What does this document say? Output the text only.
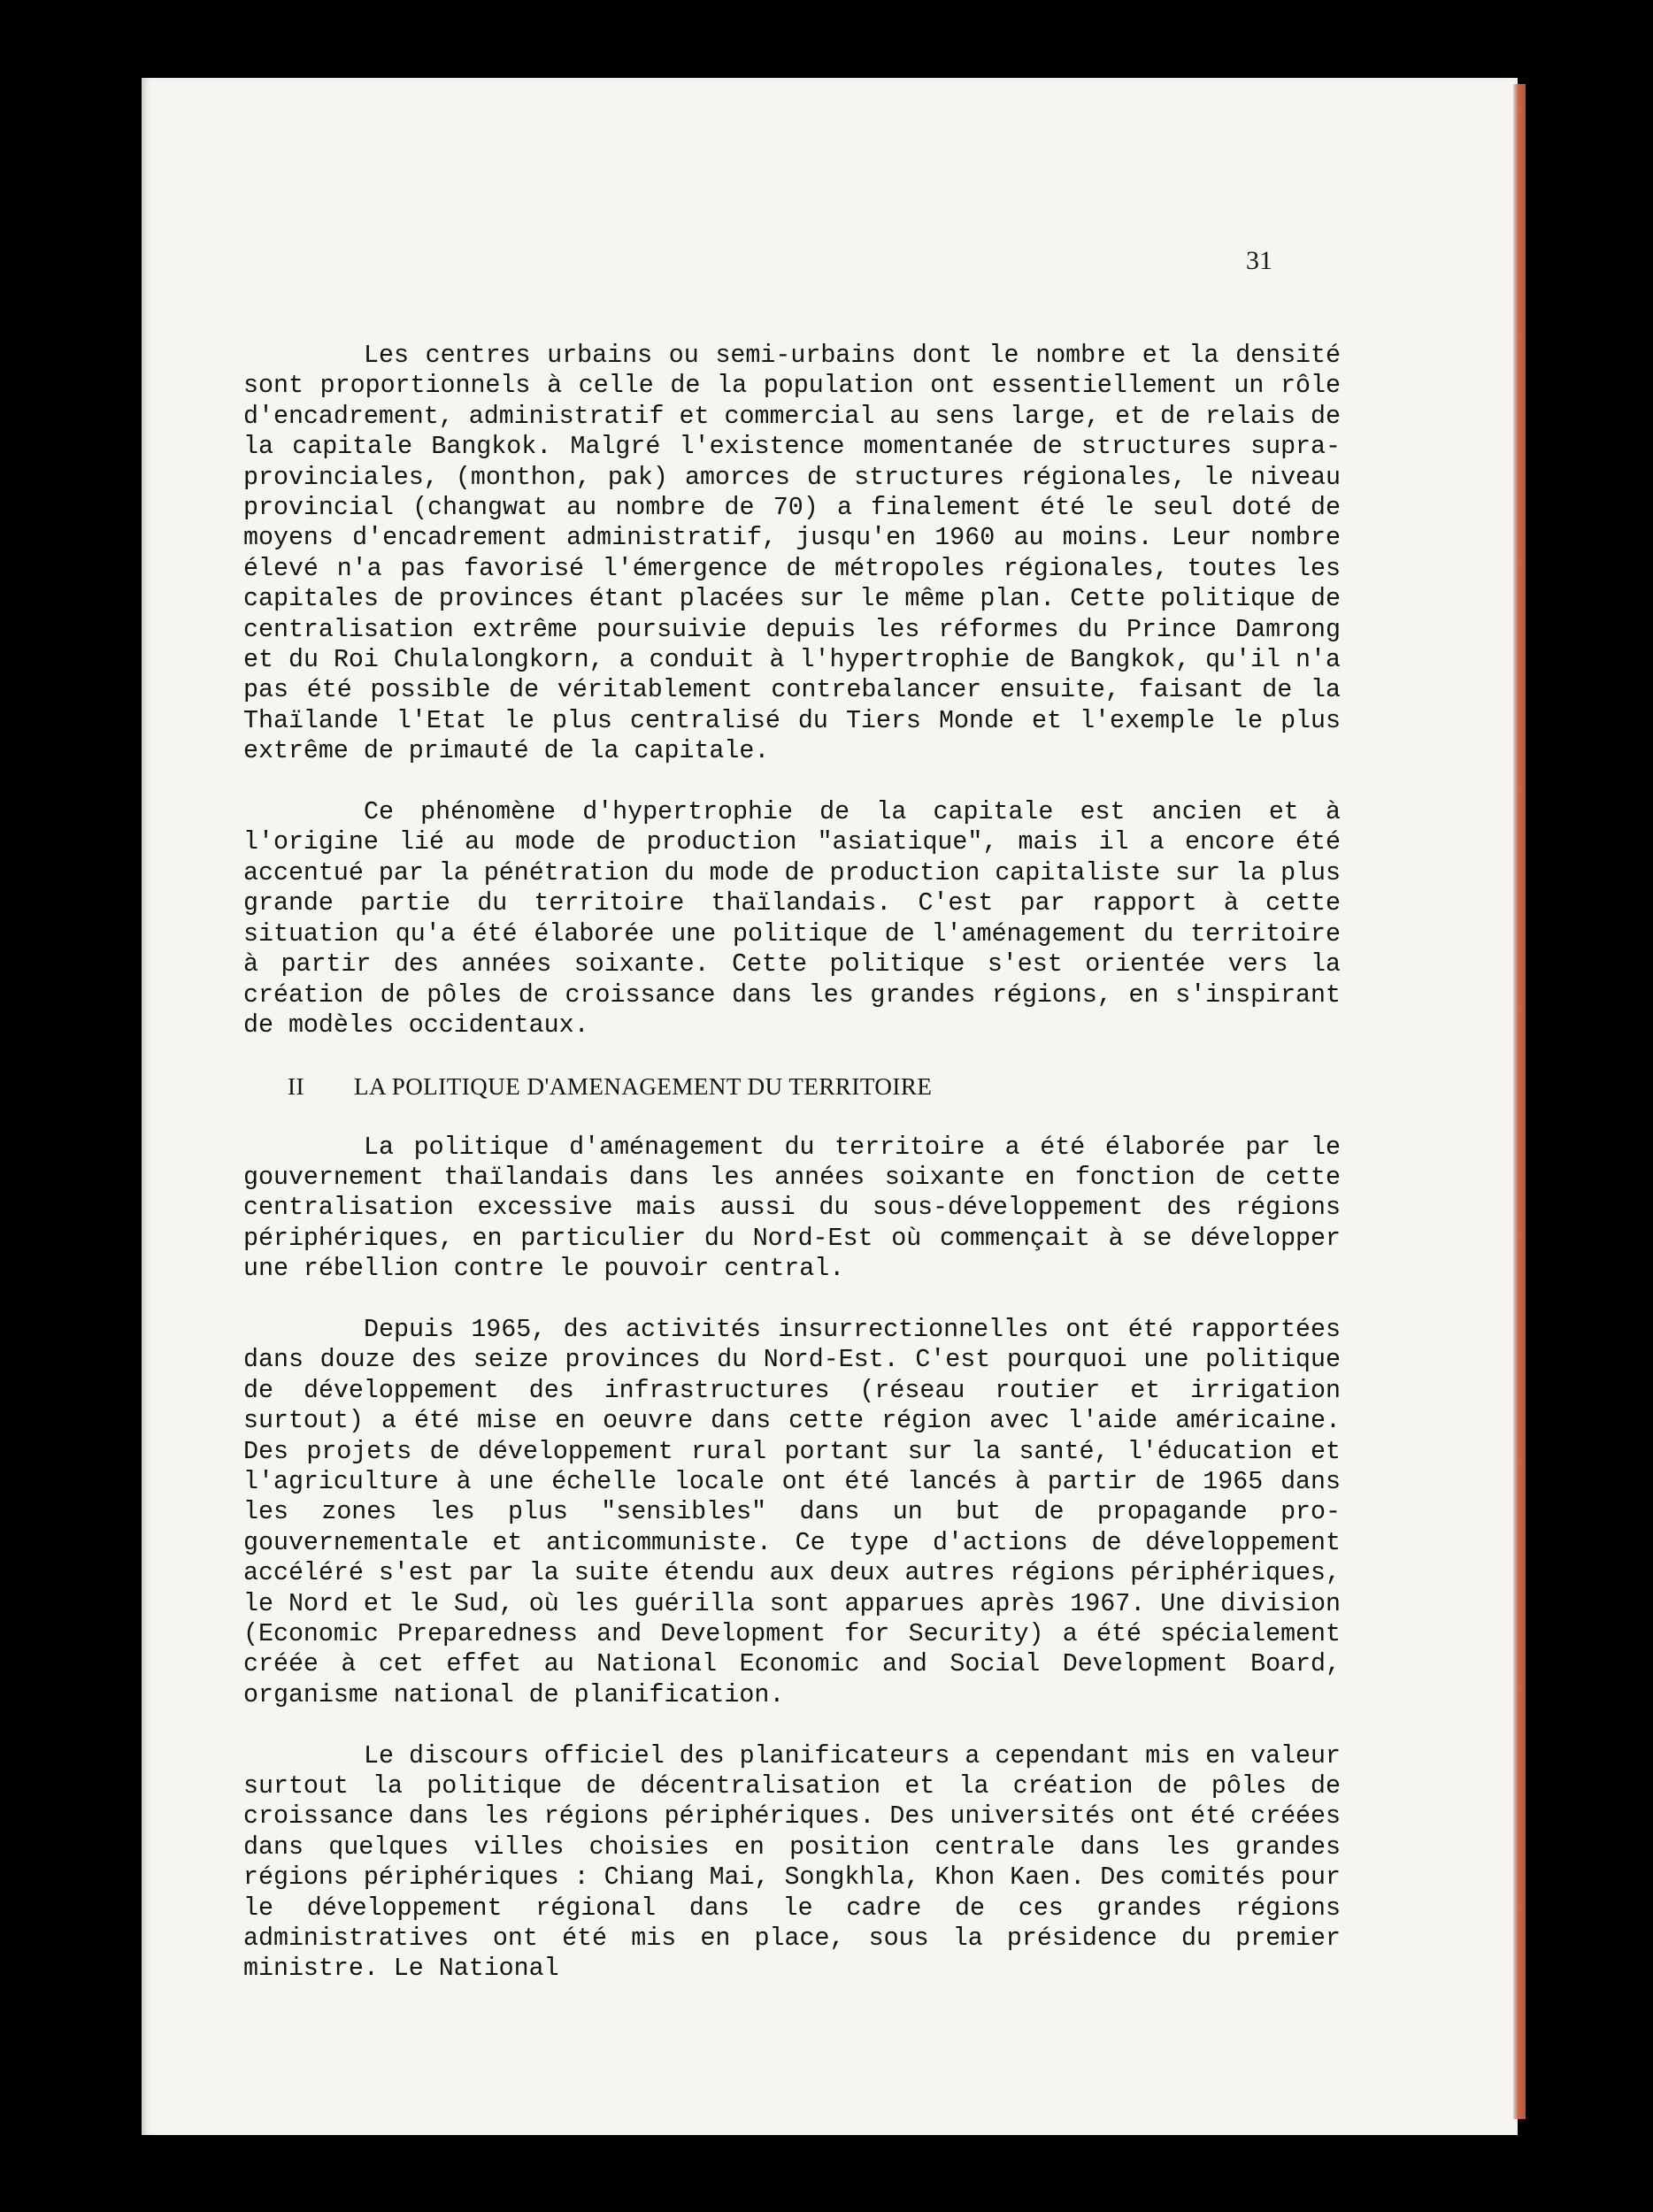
31

Les centres urbains ou semi-urbains dont le nombre et la densité sont proportionnels à celle de la population ont essentiellement un rôle d'encadrement, administratif et commercial au sens large, et de relais de la capitale Bangkok. Malgré l'existence momentanée de structures supra-provinciales, (monthon, pak) amorces de structures régionales, le niveau provincial (changwat au nombre de 70) a finalement été le seul doté de moyens d'encadrement administratif, jusqu'en 1960 au moins. Leur nombre élevé n'a pas favorisé l'émergence de métropoles régionales, toutes les capitales de provinces étant placées sur le même plan. Cette politique de centralisation extrême poursuivie depuis les réformes du Prince Damrong et du Roi Chulalongkorn, a conduit à l'hypertrophie de Bangkok, qu'il n'a pas été possible de véritablement contrebalancer ensuite, faisant de la Thaïlande l'Etat le plus centralisé du Tiers Monde et l'exemple le plus extrême de primauté de la capitale.

Ce phénomène d'hypertrophie de la capitale est ancien et à l'origine lié au mode de production "asiatique", mais il a encore été accentué par la pénétration du mode de production capitaliste sur la plus grande partie du territoire thaïlandais. C'est par rapport à cette situation qu'a été élaborée une politique de l'aménagement du territoire à partir des années soixante. Cette politique s'est orientée vers la création de pôles de croissance dans les grandes régions, en s'inspirant de modèles occidentaux.

II LA POLITIQUE D'AMENAGEMENT DU TERRITOIRE

La politique d'aménagement du territoire a été élaborée par le gouvernement thaïlandais dans les années soixante en fonction de cette centralisation excessive mais aussi du sous-développement des régions périphériques, en particulier du Nord-Est où commençait à se développer une rébellion contre le pouvoir central.

Depuis 1965, des activités insurrectionnelles ont été rapportées dans douze des seize provinces du Nord-Est. C'est pourquoi une politique de développement des infrastructures (réseau routier et irrigation surtout) a été mise en oeuvre dans cette région avec l'aide américaine. Des projets de développement rural portant sur la santé, l'éducation et l'agriculture à une échelle locale ont été lancés à partir de 1965 dans les zones les plus "sensibles" dans un but de propagande pro-gouvernementale et anticommuniste. Ce type d'actions de développement accéléré s'est par la suite étendu aux deux autres régions périphériques, le Nord et le Sud, où les guérilla sont apparues après 1967. Une division (Economic Preparedness and Development for Security) a été spécialement créée à cet effet au National Economic and Social Development Board, organisme national de planification.

Le discours officiel des planificateurs a cependant mis en valeur surtout la politique de décentralisation et la création de pôles de croissance dans les régions périphériques. Des universités ont été créées dans quelques villes choisies en position centrale dans les grandes régions périphériques : Chiang Mai, Songkhla, Khon Kaen. Des comités pour le développement régional dans le cadre de ces grandes régions administratives ont été mis en place, sous la présidence du premier ministre. Le National
